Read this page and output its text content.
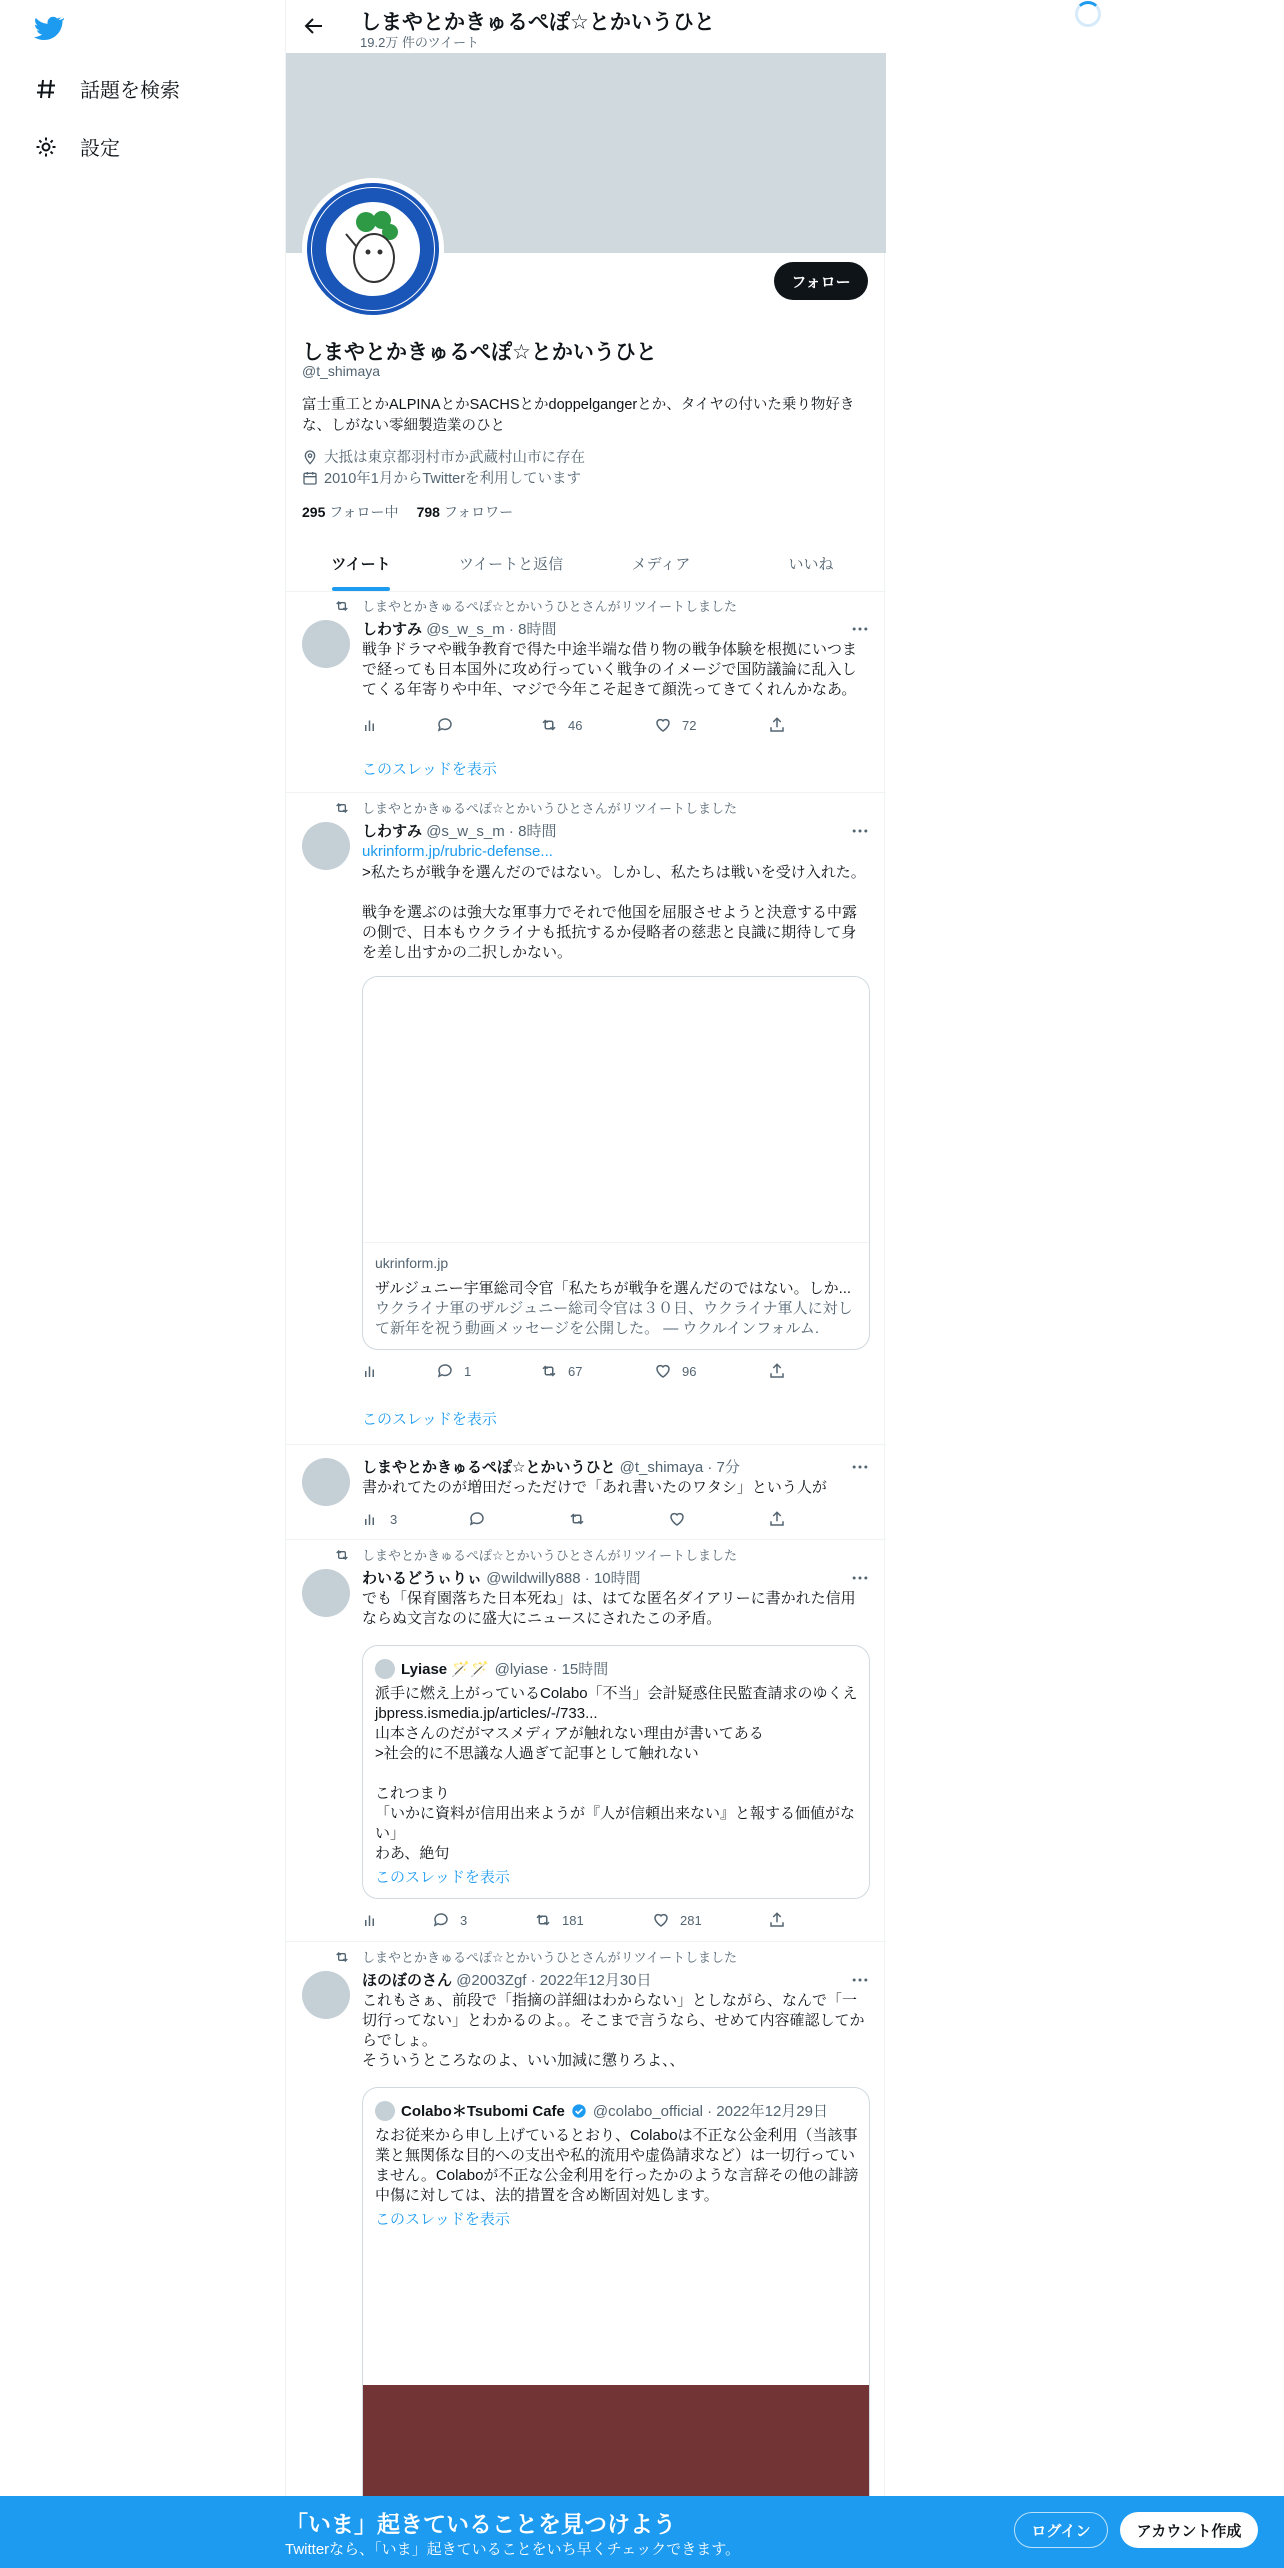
話題を検索
設定
しまやとかきゅるぺぽ☆とかいうひと
19.2万 件のツイート
フォロー
しまやとかきゅるぺぽ☆とかいうひと
@t_shimaya
富士重工とかALPINAとかSACHSとかdoppelgangerとか、タイヤの付いた乗り物好きな、しがない零細製造業のひと
大抵は東京都羽村市か武蔵村山市に存在
2010年1月からTwitterを利用しています
295 フォロー中 798 フォロワー
ツイート	ツイートと返信	メディア	いいね
しまやとかきゅるぺぽ☆とかいうひとさんがリツイートしました
しわすみ @s_w_s_m · 8時間
戦争ドラマや戦争教育で得た中途半端な借り物の戦争体験を根拠にいつまで経っても日本国外に攻め行っていく戦争のイメージで国防議論に乱入してくる年寄りや中年、マジで今年こそ起きて顔洗ってきてくれんかなあ。
46	72
このスレッドを表示
しまやとかきゅるぺぽ☆とかいうひとさんがリツイートしました
しわすみ @s_w_s_m · 8時間
ukrinform.jp/rubric-defense...
>私たちが戦争を選んだのではない。しかし、私たちは戦いを受け入れた。

戦争を選ぶのは強大な軍事力でそれで他国を屈服させようと決意する中露の側で、日本もウクライナも抵抗するか侵略者の慈悲と良識に期待して身を差し出すかの二択しかない。
ukrinform.jp
ザルジュニー宇軍総司令官「私たちが戦争を選んだのではない。しか...
ウクライナ軍のザルジュニー総司令官は３０日、ウクライナ軍人に対して新年を祝う動画メッセージを公開した。 — ウクルインフォルム.
1	67	96
このスレッドを表示
しまやとかきゅるぺぽ☆とかいうひと @t_shimaya · 7分
書かれてたのが増田だっただけで「あれ書いたのワタシ」という人が
3
しまやとかきゅるぺぽ☆とかいうひとさんがリツイートしました
わいるどうぃりぃ @wildwilly888 · 10時間
でも「保育園落ちた日本死ね」は、はてな匿名ダイアリーに書かれた信用ならぬ文言なのに盛大にニュースにされたこの矛盾。
Lyiase 🪄🪄 @lyiase · 15時間
派手に燃え上がっているColabo「不当」会計疑惑住民監査請求のゆくえ jbpress.ismedia.jp/articles/-/733...
山本さんのだがマスメディアが触れない理由が書いてある
>社会的に不思議な人過ぎて記事として触れない

これつまり
「いかに資料が信用出来ようが『人が信頼出来ない』と報する価値がない」
わあ、絶句
このスレッドを表示
3	181	281
しまやとかきゅるぺぽ☆とかいうひとさんがリツイートしました
ほのぼのさん @2003Zgf · 2022年12月30日
これもさぁ、前段で「指摘の詳細はわからない」としながら、なんで「一切行ってない」とわかるのよ。。そこまで言うなら、せめて内容確認してからでしょ。
そういうところなのよ、いい加減に懲りろよ、、
Colabo＊Tsubomi Cafe @colabo_official · 2022年12月29日
なお従来から申し上げているとおり、Colaboは不正な公金利用（当該事業と無関係な目的への支出や私的流用や虚偽請求など）は一切行っていません。Colaboが不正な公金利用を行ったかのような言辞その他の誹謗中傷に対しては、法的措置を含め断固対処します。
このスレッドを表示
「いま」起きていることを見つけよう
Twitterなら、「いま」起きていることをいち早くチェックできます。
ログイン	アカウント作成
